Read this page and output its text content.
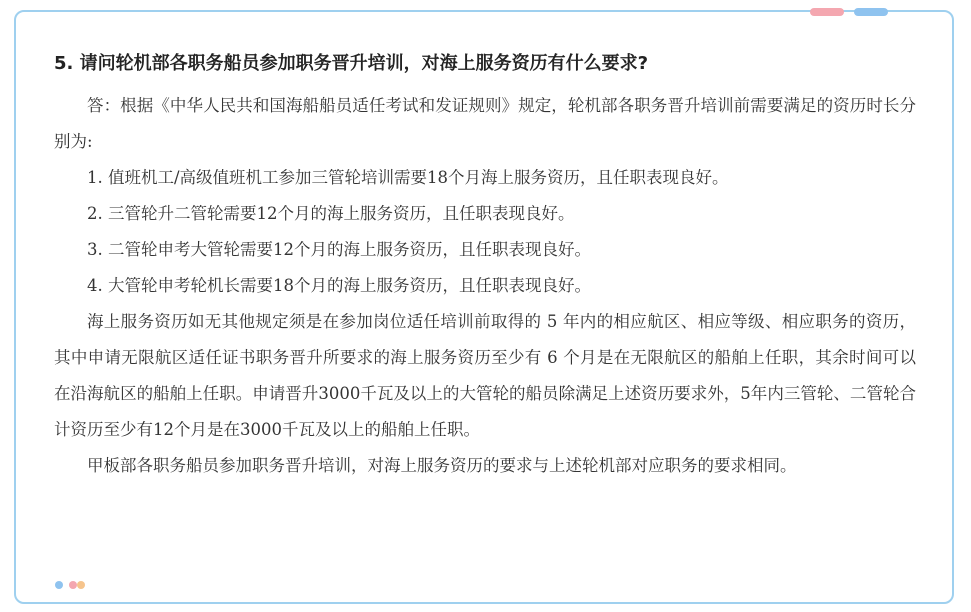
5. 请问轮机部各职务船员参加职务晋升培训，对海上服务资历有什么要求?

答：根据《中华人民共和国海船船员适任考试和发证规则》规定，轮机部各职务晋升培训前需要满足的资历时长分别为:

1. 值班机工/高级值班机工参加三管轮培训需要18个月海上服务资历，且任职表现良好。

2. 三管轮升二管轮需要12个月的海上服务资历，且任职表现良好。

3. 二管轮申考大管轮需要12个月的海上服务资历，且任职表现良好。

4. 大管轮申考轮机长需要18个月的海上服务资历，且任职表现良好。

海上服务资历如无其他规定须是在参加岗位适任培训前取得的 5 年内的相应航区、相应等级、相应职务的资历，其中申请无限航区适任证书职务晋升所要求的海上服务资历至少有 6 个月是在无限航区的船舶上任职，其余时间可以在沿海航区的船舶上任职。申请晋升3000千瓦及以上的大管轮的船员除满足上述资历要求外，5年内三管轮、二管轮合计资历至少有12个月是在3000千瓦及以上的船舶上任职。

甲板部各职务船员参加职务晋升培训，对海上服务资历的要求与上述轮机部对应职务的要求相同。
